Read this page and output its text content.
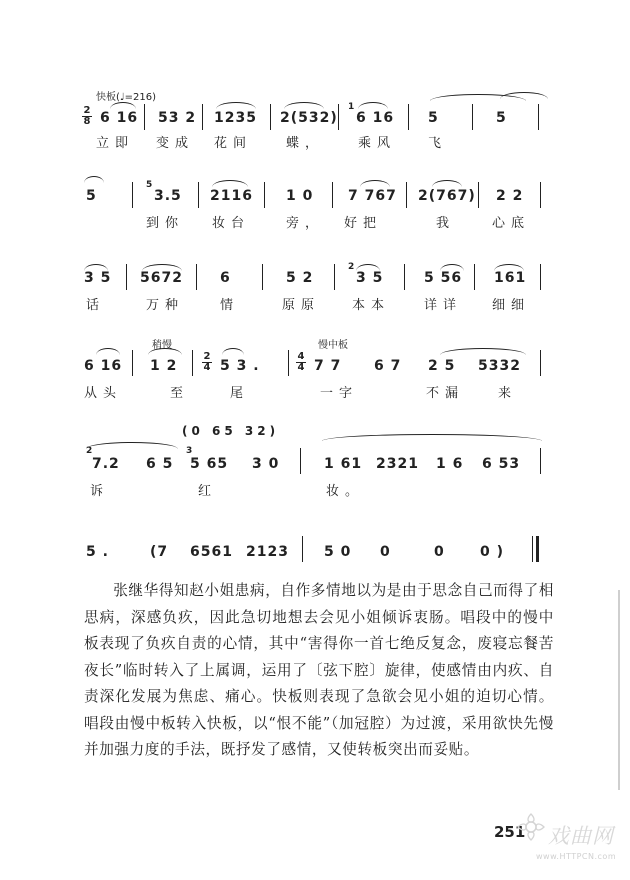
快板(♩=216)
2
8 6 16 53 2 1235 2(532)
1
6 16 5	5
立即 变成 花间	蝶，	乘风 飞
5
5
3.5 2116 1 0 7 767 2(767) 2 2
到你 妆台	旁， 好把	我	心底
3 5 5672	6	5 2
2
3 5	5 56 161
话	万种	情	原原 本本	详详 细细
稍慢	慢中板
6 16 1 2
2
4 5 3 .
4
4 7 7 6 7 2 5 5332
从头	至	尾	一字	不漏	来
(0 65 32)
2
7.2 6 5
3
5 65 3 0	1 61 2321 1 6 6 53
诉	红	妆。
5 .	(7 6561 2123	5 0 0	0	0 )
张继华得知赵小姐患病，自作多情地以为是由于思念自己而得了相思病，深感负疚，因此急切地想去会见小姐倾诉衷肠。唱段中的慢中板表现了负疚自责的心情，其中“害得你一首七绝反复念，废寝忘餐苦夜长”临时转入了上属调，运用了〔弦下腔〕旋律，使感情由内疚、自责深化发展为焦虑、痛心。快板则表现了急欲会见小姐的迫切心情。唱段由慢中板转入快板，以“恨不能”（加冠腔）为过渡，采用欲快先慢并加强力度的手法，既抒发了感情，又使转板突出而妥贴。
251 戏曲网
www.HTTPCN.com
